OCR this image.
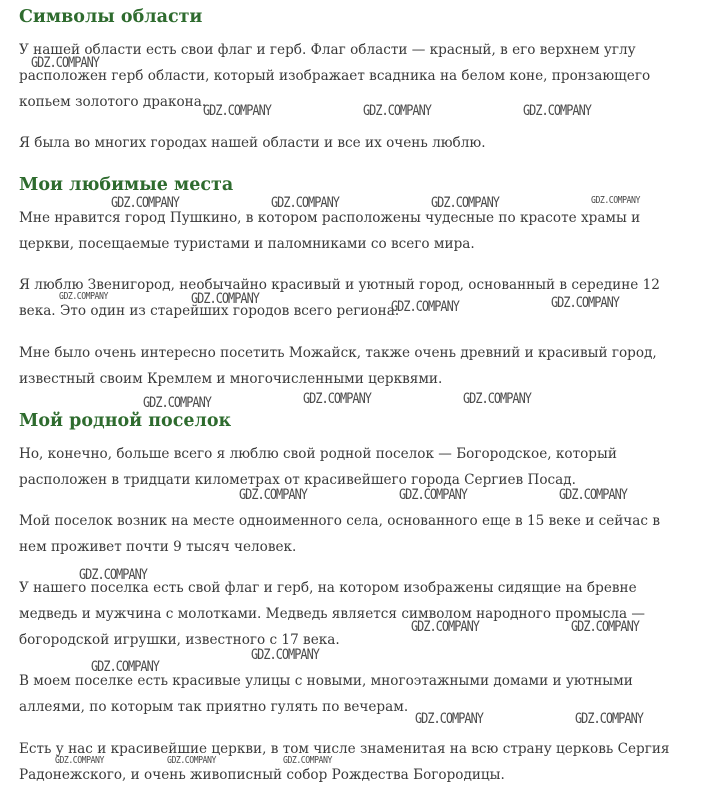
Символы области

У нашей области есть свои флаг и герб. Флаг области — красный, в его верхнем углу расположен герб области, который изображает всадника на белом коне, пронзающего копьем золотого дракона.

Я была во многих городах нашей области и все их очень люблю.

Мои любимые места

Мне нравится город Пушкино, в котором расположены чудесные по красоте храмы и церкви, посещаемые туристами и паломниками со всего мира.

Я люблю Звенигород, необычайно красивый и уютный город, основанный в середине 12 века. Это один из старейших городов всего региона.

Мне было очень интересно посетить Можайск, также очень древний и красивый город, известный своим Кремлем и многочисленными церквями.

Мой родной поселок

Но, конечно, больше всего я люблю свой родной поселок — Богородское, который расположен в тридцати километрах от красивейшего города Сергиев Посад.

Мой поселок возник на месте одноименного села, основанного еще в 15 веке и сейчас в нем проживет почти 9 тысяч человек.

У нашего поселка есть свой флаг и герб, на котором изображены сидящие на бревне медведь и мужчина с молотками. Медведь является символом народного промысла — богородской игрушки, известного с 17 века.

В моем поселке есть красивые улицы с новыми, многоэтажными домами и уютными аллеями, по которым так приятно гулять по вечерам.

Есть у нас и красивейшие церкви, в том числе знаменитая на всю страну церковь Сергия Радонежского, и очень живописный собор Рождества Богородицы.

GDZ.COMPANY
GDZ.COMPANY	GDZ.COMPANY	GDZ.COMPANY
GDZ.COMPANY	GDZ.COMPANY	GDZ.COMPANY	GDZ.COMPANY
GDZ.COMPANY	GDZ.COMPANY	GDZ.COMPANY	GDZ.COMPANY
GDZ.COMPANY	GDZ.COMPANY	GDZ.COMPANY
GDZ.COMPANY	GDZ.COMPANY	GDZ.COMPANY
GDZ.COMPANY
GDZ.COMPANY	GDZ.COMPANY
GDZ.COMPANY
GDZ.COMPANY
GDZ.COMPANY	GDZ.COMPANY
GDZ.COMPANY	GDZ.COMPANY	GDZ.COMPANY
